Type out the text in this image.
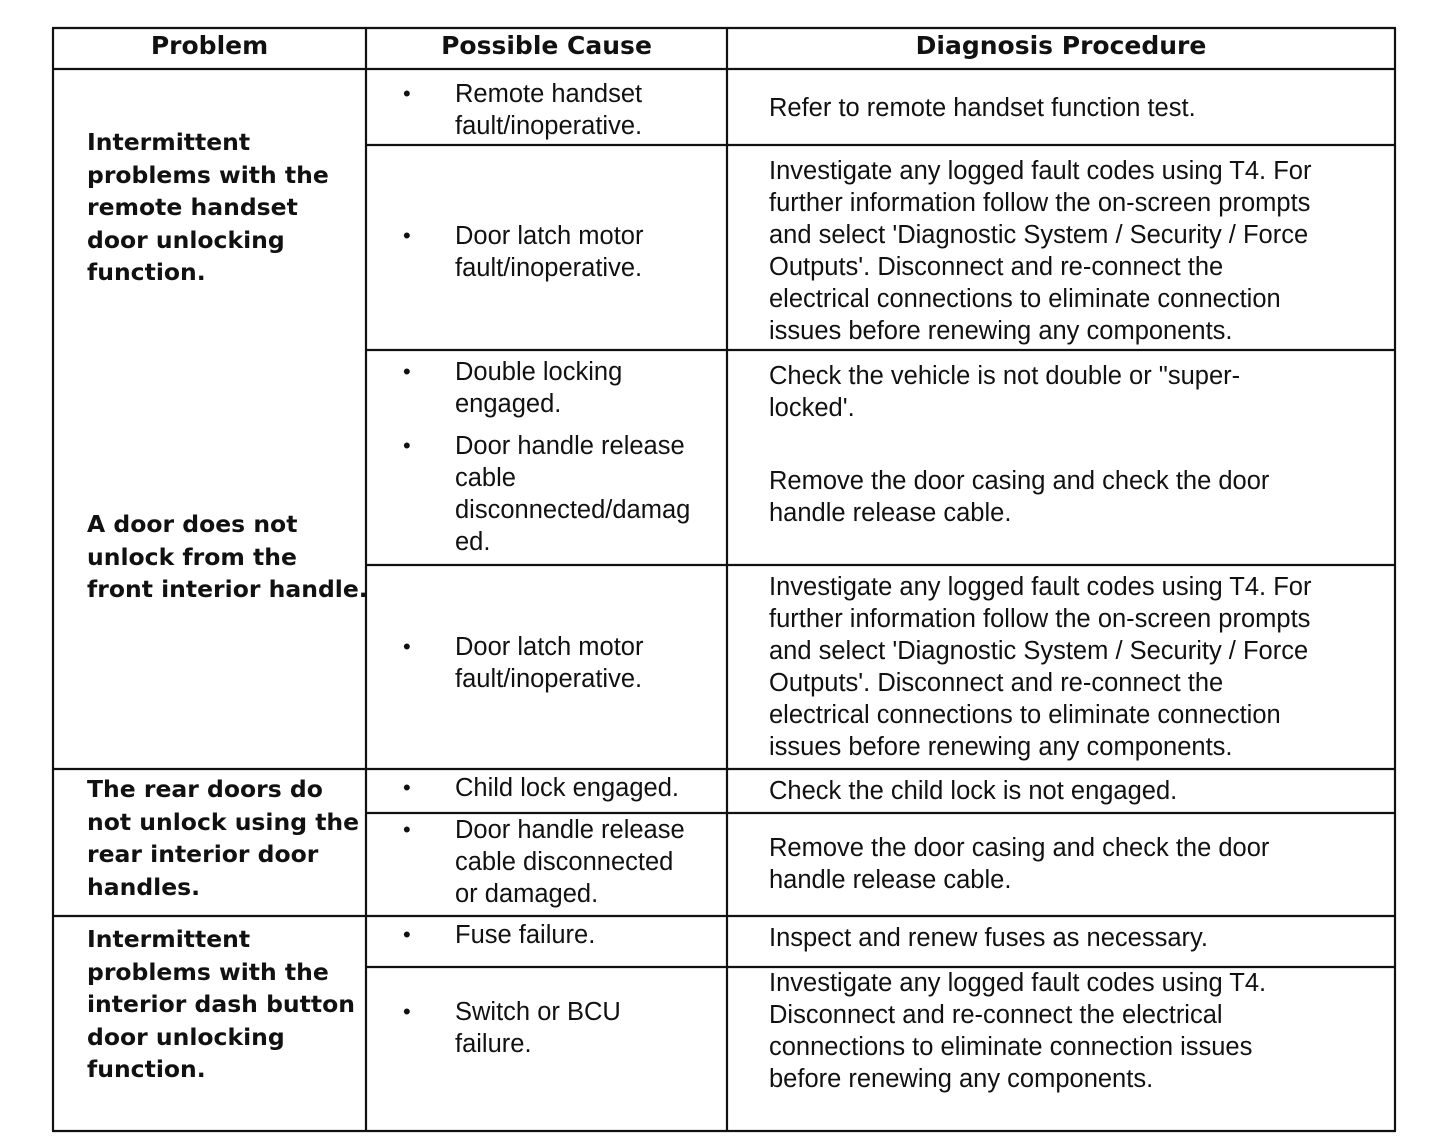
Problem	Possible Cause	Diagnosis Procedure
Intermittent
problems with the
remote handset
door unlocking
function.
A door does not
unlock from the
front interior handle.
The rear doors do
not unlock using the
rear interior door
handles.
Intermittent
problems with the
interior dash button
door unlocking
function.
• Remote handset
fault/inoperative.
• Door latch motor
fault/inoperative.
• Double locking
engaged.
• Door handle release
cable
disconnected/damag
ed.
• Door latch motor
fault/inoperative.
• Child lock engaged.
• Door handle release
cable disconnected
or damaged.
• Fuse failure.
• Switch or BCU
failure.
Refer to remote handset function test.
Investigate any logged fault codes using T4. For
further information follow the on-screen prompts
and select 'Diagnostic System / Security / Force
Outputs'. Disconnect and re-connect the
electrical connections to eliminate connection
issues before renewing any components.
Check the vehicle is not double or "super-
locked'.
Remove the door casing and check the door
handle release cable.
Investigate any logged fault codes using T4. For
further information follow the on-screen prompts
and select 'Diagnostic System / Security / Force
Outputs'. Disconnect and re-connect the
electrical connections to eliminate connection
issues before renewing any components.
Check the child lock is not engaged.
Remove the door casing and check the door
handle release cable.
Inspect and renew fuses as necessary.
Investigate any logged fault codes using T4.
Disconnect and re-connect the electrical
connections to eliminate connection issues
before renewing any components.
